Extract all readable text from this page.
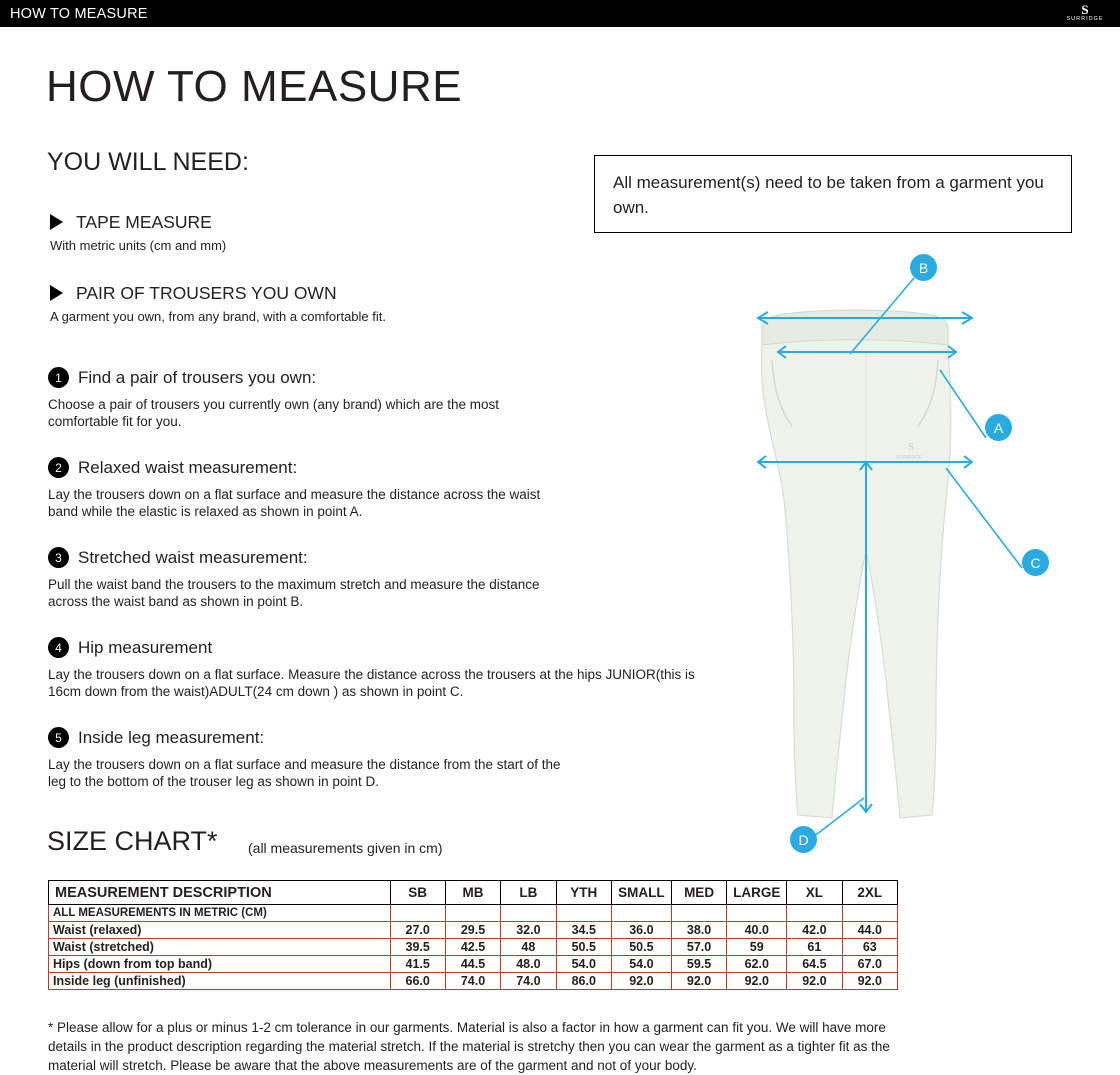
HOW TO MEASURE	S
SURRIDGE
HOW TO MEASURE
YOU WILL NEED:
TAPE MEASURE
With metric units (cm and mm)
PAIR OF TROUSERS YOU OWN
A garment you own, from any brand, with a comfortable fit.
All measurement(s) need to be taken from a garment you own.
1 Find a pair of trousers you own:
Choose a pair of trousers you currently own (any brand) which are the most comfortable fit for you.
2 Relaxed waist measurement:
Lay the trousers down on a flat surface and measure the distance across the waist band while the elastic is relaxed as shown in point A.
3 Stretched waist measurement:
Pull the waist band the trousers to the maximum stretch and measure the distance across the waist band as shown in point B.
4 Hip measurement
Lay the trousers down on a flat surface. Measure the distance across the trousers at the hips JUNIOR(this is 16cm down from the waist)ADULT(24 cm down ) as shown in point C.
5 Inside leg measurement:
Lay the trousers down on a flat surface and measure the distance from the start of the leg to the bottom of the trouser leg as shown in point D.
S
SURRIDGE
B
A
C
D
SIZE CHART* (all measurements given in cm)
MEASUREMENT DESCRIPTION	SB	MB	LB	YTH	SMALL	MED	LARGE	XL	2XL
ALL MEASUREMENTS IN METRIC (CM)									
Waist (relaxed)	27.0	29.5	32.0	34.5	36.0	38.0	40.0	42.0	44.0
Waist (stretched)	39.5	42.5	48	50.5	50.5	57.0	59	61	63
Hips (down from top band)	41.5	44.5	48.0	54.0	54.0	59.5	62.0	64.5	67.0
Inside leg (unfinished)	66.0	74.0	74.0	86.0	92.0	92.0	92.0	92.0	92.0
* Please allow for a plus or minus 1-2 cm tolerance in our garments. Material is also a factor in how a garment can fit you. We will have more details in the product description regarding the material stretch. If the material is stretchy then you can wear the garment as a tighter fit as the material will stretch. Please be aware that the above measurements are of the garment and not of your body.
